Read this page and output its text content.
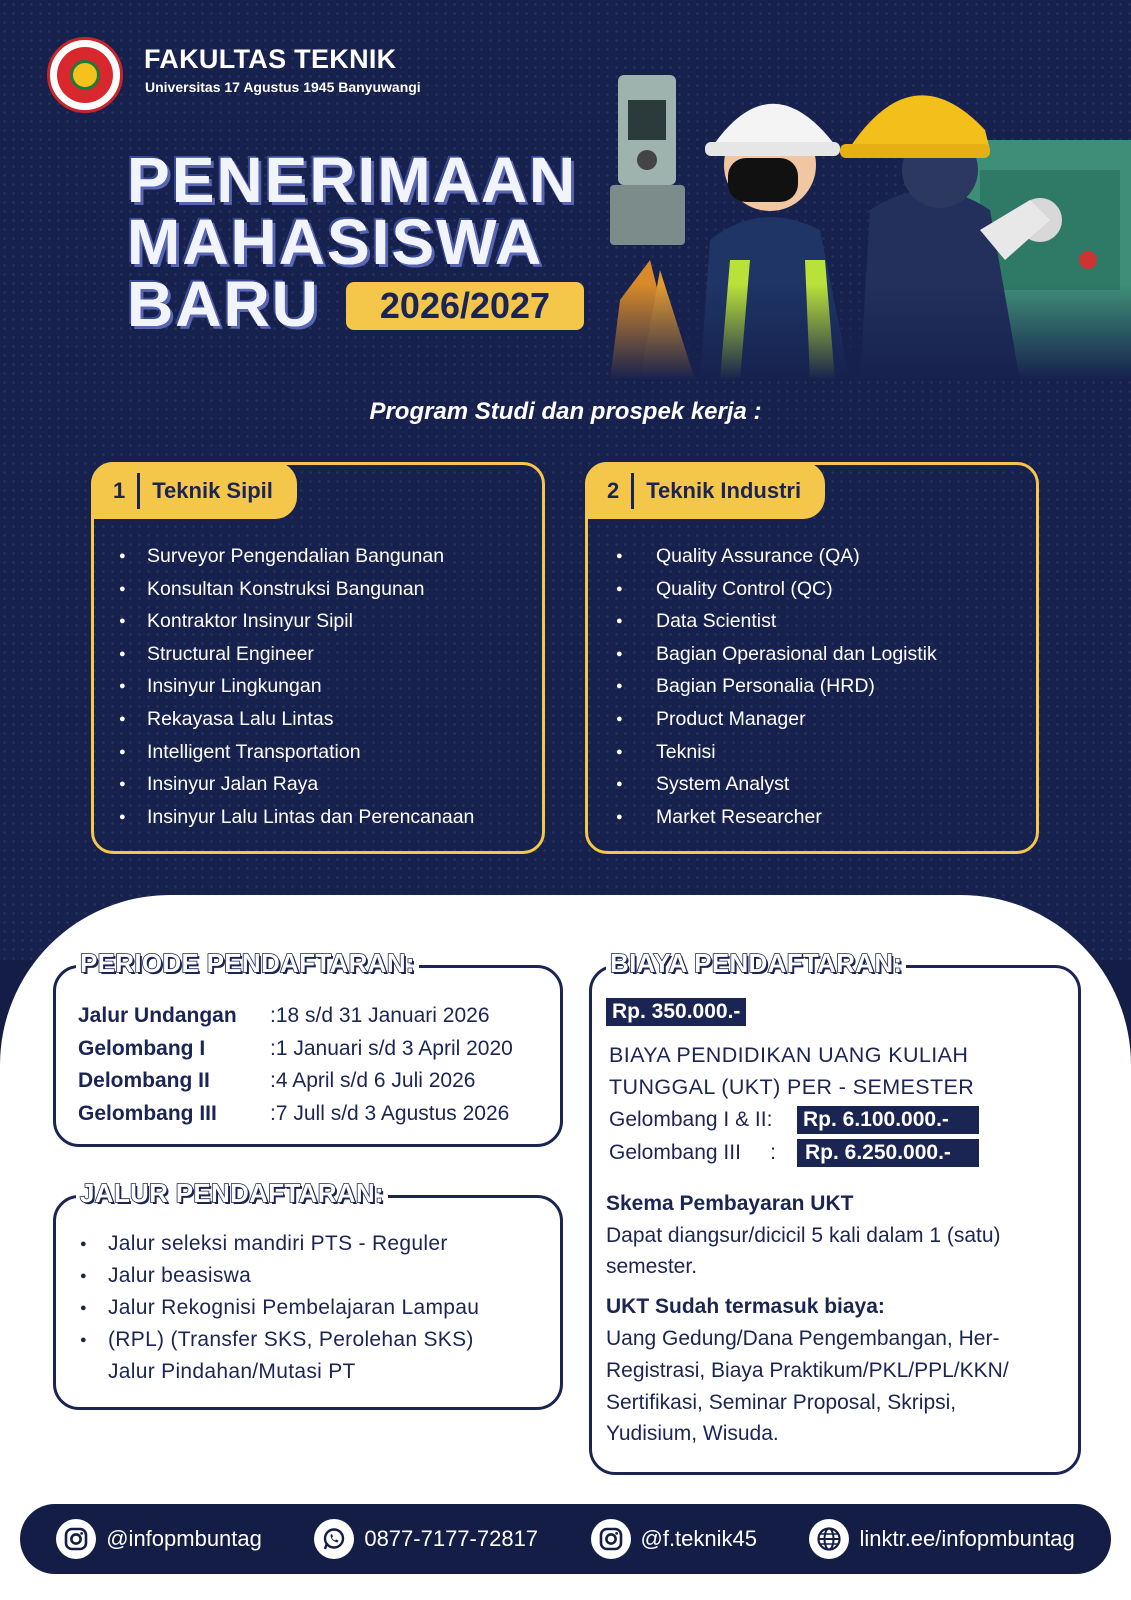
FAKULTAS TEKNIK
Universitas 17 Agustus 1945 Banyuwangi
PENERIMAAN
MAHASISWA
BARU	2026/2027
Program Studi dan prospek kerja :
1	Teknik Sipil
● Surveyor Pengendalian Bangunan
● Konsultan Konstruksi Bangunan
● Kontraktor Insinyur Sipil
● Structural Engineer
● Insinyur Lingkungan
● Rekayasa Lalu Lintas
● Intelligent Transportation
● Insinyur Jalan Raya
● Insinyur Lalu Lintas dan Perencanaan
2	Teknik Industri
● Quality Assurance (QA)
● Quality Control (QC)
● Data Scientist
● Bagian Operasional dan Logistik
● Bagian Personalia (HRD)
● Product Manager
● Teknisi
● System Analyst
● Market Researcher
PERIODE PENDAFTARAN:
Jalur Undangan	: 18 s/d 31 Januari 2026
Gelombang I	: 1 Januari s/d 3 April 2020
Delombang II	: 4 April s/d 6 Juli 2026
Gelombang III	: 7 Jull s/d 3 Agustus 2026
JALUR PENDAFTARAN:
● Jalur seleksi mandiri PTS - Reguler
● Jalur beasiswa
● Jalur Rekognisi Pembelajaran Lampau
● (RPL) (Transfer SKS, Perolehan SKS)
Jalur Pindahan/Mutasi PT
BIAYA PENDAFTARAN:
Rp. 350.000.-
BIAYA PENDIDIKAN UANG KULIAH
TUNGGAL (UKT) PER - SEMESTER
Gelombang I & II: Rp. 6.100.000.-
Gelombang III     :	Rp. 6.250.000.-
Skema Pembayaran UKT
Dapat diangsur/dicicil 5 kali dalam 1 (satu)
semester.
UKT Sudah termasuk biaya:
Uang Gedung/Dana Pengembangan, Her-
Registrasi, Biaya Praktikum/PKL/PPL/KKN/
Sertifikasi, Seminar Proposal, Skripsi,
Yudisium, Wisuda.
@infopmbuntag	0877-7177-72817	@f.teknik45	linktr.ee/infopmbuntag
